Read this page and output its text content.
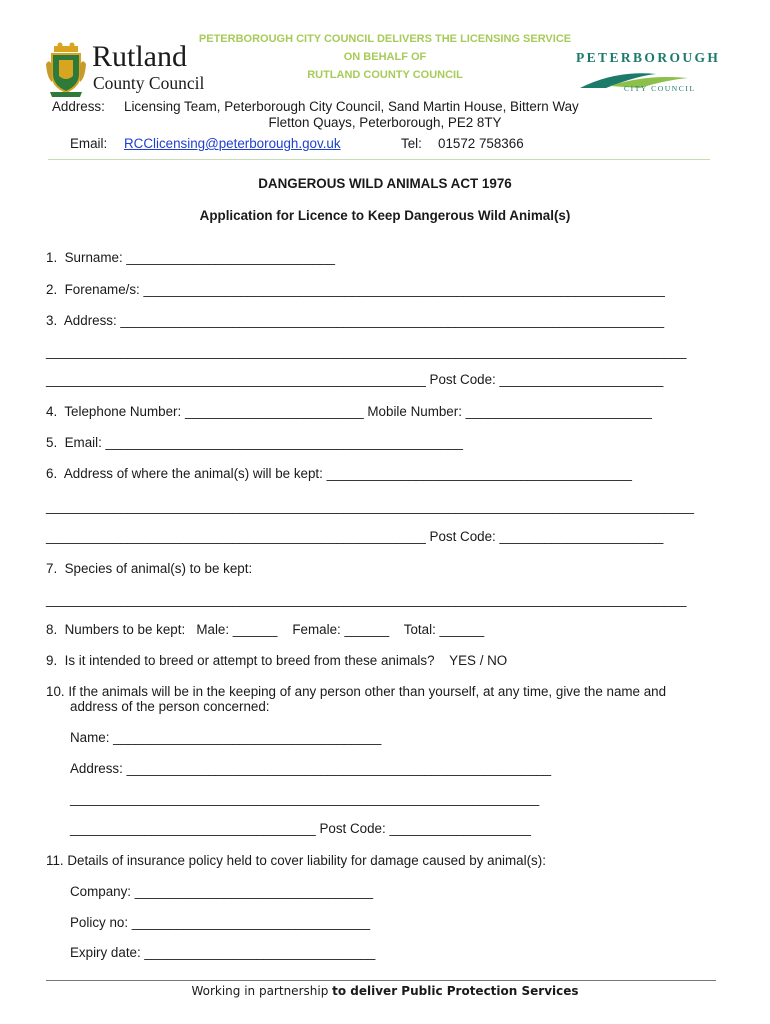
PETERBOROUGH CITY COUNCIL DELIVERS THE LICENSING SERVICE
ON BEHALF OF
RUTLAND COUNTY COUNCIL
Rutland
County Council
PETERBOROUGH
CITY COUNCIL
Address: Licensing Team, Peterborough City Council, Sand Martin House, Bittern Way
Fletton Quays, Peterborough, PE2 8TY
Email: RCClicensing@peterborough.gov.uk	Tel: 01572 758366
DANGEROUS WILD ANIMALS ACT 1976
Application for Licence to Keep Dangerous Wild Animal(s)
1.  Surname: ____________________________
2.  Forename/s: ______________________________________________________________________
3.  Address: _________________________________________________________________________
______________________________________________________________________________________
___________________________________________________ Post Code: ______________________
4.  Telephone Number: ________________________ Mobile Number: _________________________
5.  Email: ________________________________________________
6.  Address of where the animal(s) will be kept: _________________________________________
_______________________________________________________________________________________
___________________________________________________ Post Code: ______________________
7.  Species of animal(s) to be kept:
______________________________________________________________________________________
8.  Numbers to be kept:   Male: ______    Female: ______    Total: ______
9.  Is it intended to breed or attempt to breed from these animals?    YES / NO
10. If the animals will be in the keeping of any person other than yourself, at any time, give the name and
address of the person concerned:
Name: ____________________________________
Address: _________________________________________________________
_______________________________________________________________
_________________________________ Post Code: ___________________
11. Details of insurance policy held to cover liability for damage caused by animal(s):
Company: ________________________________
Policy no: ________________________________
Expiry date: _______________________________
Working in partnership to deliver Public Protection Services
